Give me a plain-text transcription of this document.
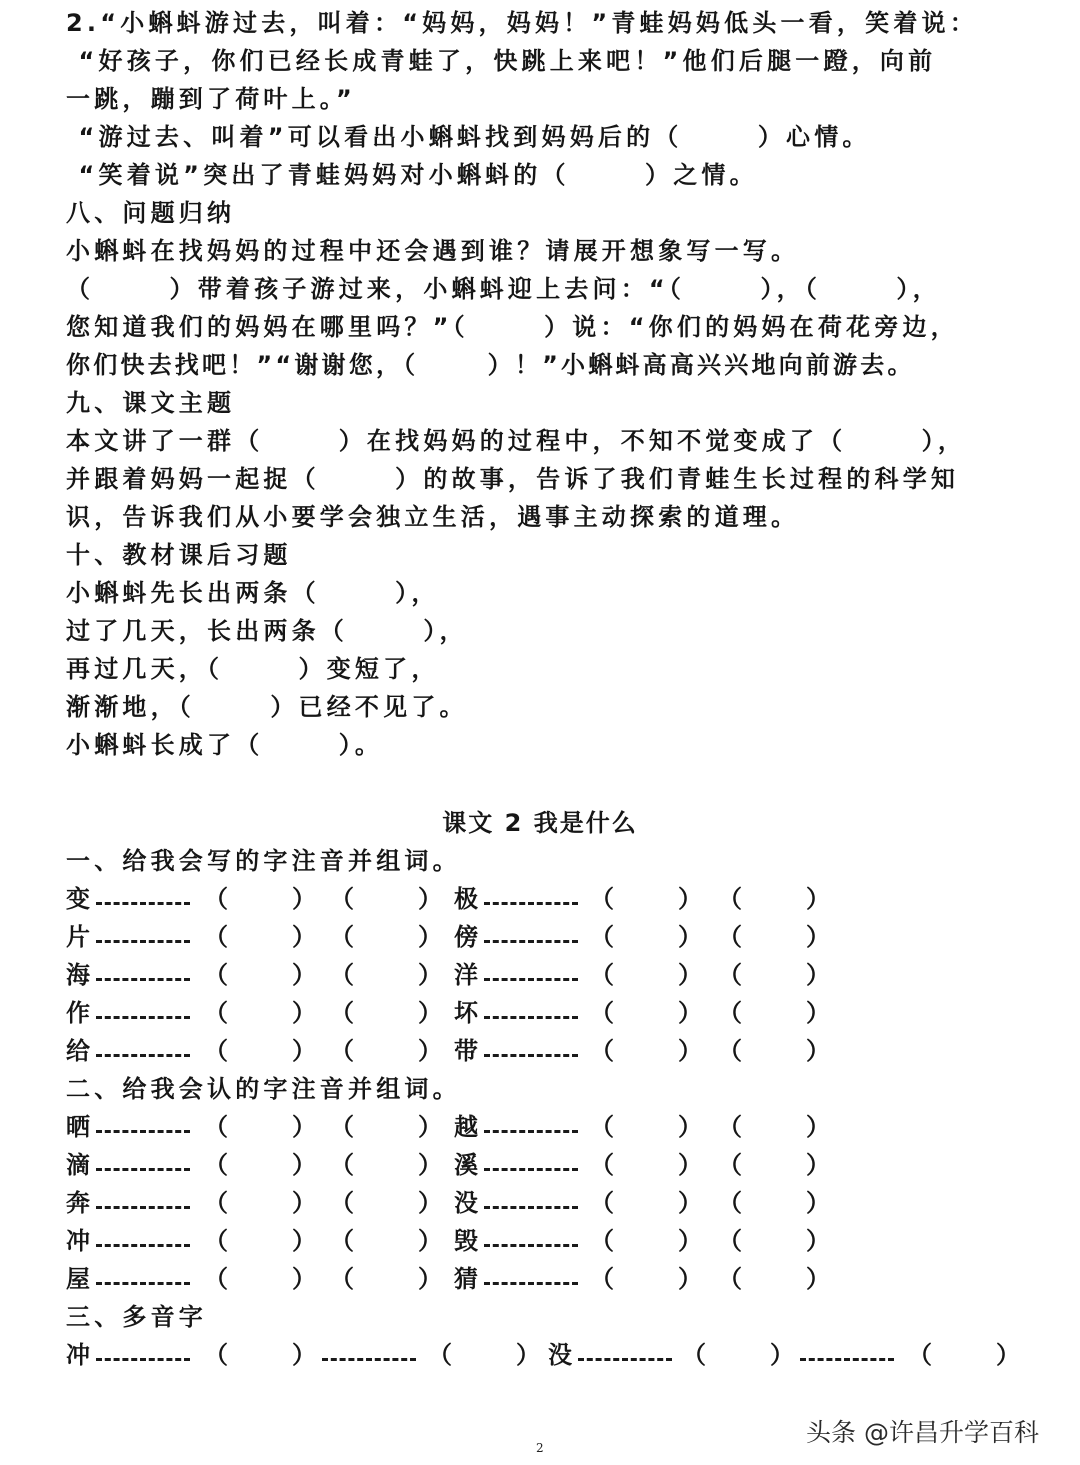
2.“小蝌蚪游过去，叫着：“妈妈，妈妈！”青蛙妈妈低头一看，笑着说：
“好孩子，你们已经长成青蛙了，快跳上来吧！”他们后腿一蹬，向前
一跳，蹦到了荷叶上。”
“游过去、叫着”可以看出小蝌蚪找到妈妈后的（      ）心情。
“笑着说”突出了青蛙妈妈对小蝌蚪的（      ）之情。
八、问题归纳
小蝌蚪在找妈妈的过程中还会遇到谁？请展开想象写一写。
（      ）带着孩子游过来，小蝌蚪迎上去问：“（      ），（      ），
您知道我们的妈妈在哪里吗？”（      ）说：“你们的妈妈在荷花旁边，
你们快去找吧！”“谢谢您，（      ）！”小蝌蚪高高兴兴地向前游去。
九、课文主题
本文讲了一群（      ）在找妈妈的过程中，不知不觉变成了（      ），
并跟着妈妈一起捉（      ）的故事，告诉了我们青蛙生长过程的科学知
识，告诉我们从小要学会独立生活，遇事主动探索的道理。
十、教材课后习题
小蝌蚪先长出两条（      ），
过了几天，长出两条（      ），
再过几天，（      ）变短了，
渐渐地，（      ）已经不见了。
小蝌蚪长成了（      ）。
课文 2 我是什么
一、给我会写的字注音并组词。
变	（	） （	） 极	（	） （	）
片	（	） （	） 傍	（	） （	）
海	（	） （	） 洋	（	） （	）
作	（	） （	） 坏	（	） （	）
给	（	） （	） 带	（	） （	）
二、给我会认的字注音并组词。
晒	（	） （	） 越	（	） （	）
滴	（	） （	） 溪	（	） （	）
奔	（	） （	） 没	（	） （	）
冲	（	） （	） 毁	（	） （	）
屋	（	） （	） 猜	（	） （	）
三、多音字
冲	（	）	（	） 没	（	）	（	）
2
头条 @许昌升学百科
